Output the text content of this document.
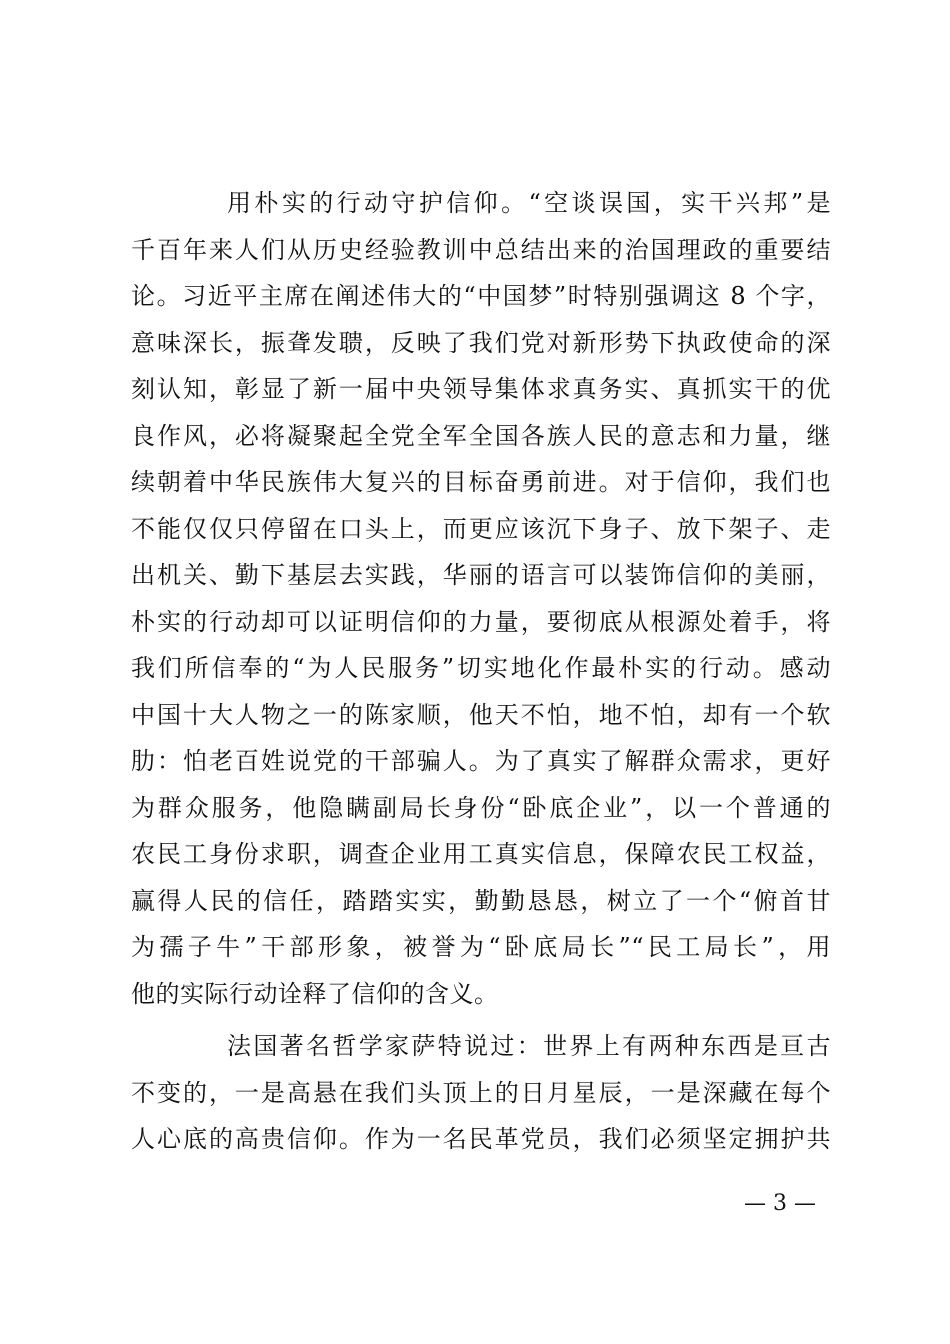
用朴实的行动守护信仰。“空谈误国，实干兴邦”是
千百年来人们从历史经验教训中总结出来的治国理政的重要结
论。习近平主席在阐述伟大的“中国梦”时特别强调这 8 个字，
意味深长，振聋发聩，反映了我们党对新形势下执政使命的深
刻认知，彰显了新一届中央领导集体求真务实、真抓实干的优
良作风，必将凝聚起全党全军全国各族人民的意志和力量，继
续朝着中华民族伟大复兴的目标奋勇前进。对于信仰，我们也
不能仅仅只停留在口头上，而更应该沉下身子、放下架子、走
出机关、勤下基层去实践，华丽的语言可以装饰信仰的美丽，
朴实的行动却可以证明信仰的力量，要彻底从根源处着手，将
我们所信奉的“为人民服务”切实地化作最朴实的行动。感动
中国十大人物之一的陈家顺，他天不怕，地不怕，却有一个软
肋：怕老百姓说党的干部骗人。为了真实了解群众需求，更好
为群众服务，他隐瞒副局长身份“卧底企业”，以一个普通的
农民工身份求职，调查企业用工真实信息，保障农民工权益，
赢得人民的信任，踏踏实实，勤勤恳恳，树立了一个“俯首甘
为孺子牛”干部形象，被誉为“卧底局长”“民工局长”，用
他的实际行动诠释了信仰的含义。
法国著名哲学家萨特说过：世界上有两种东西是亘古
不变的，一是高悬在我们头顶上的日月星辰，一是深藏在每个
人心底的高贵信仰。作为一名民革党员，我们必须坚定拥护共
— 3 —
